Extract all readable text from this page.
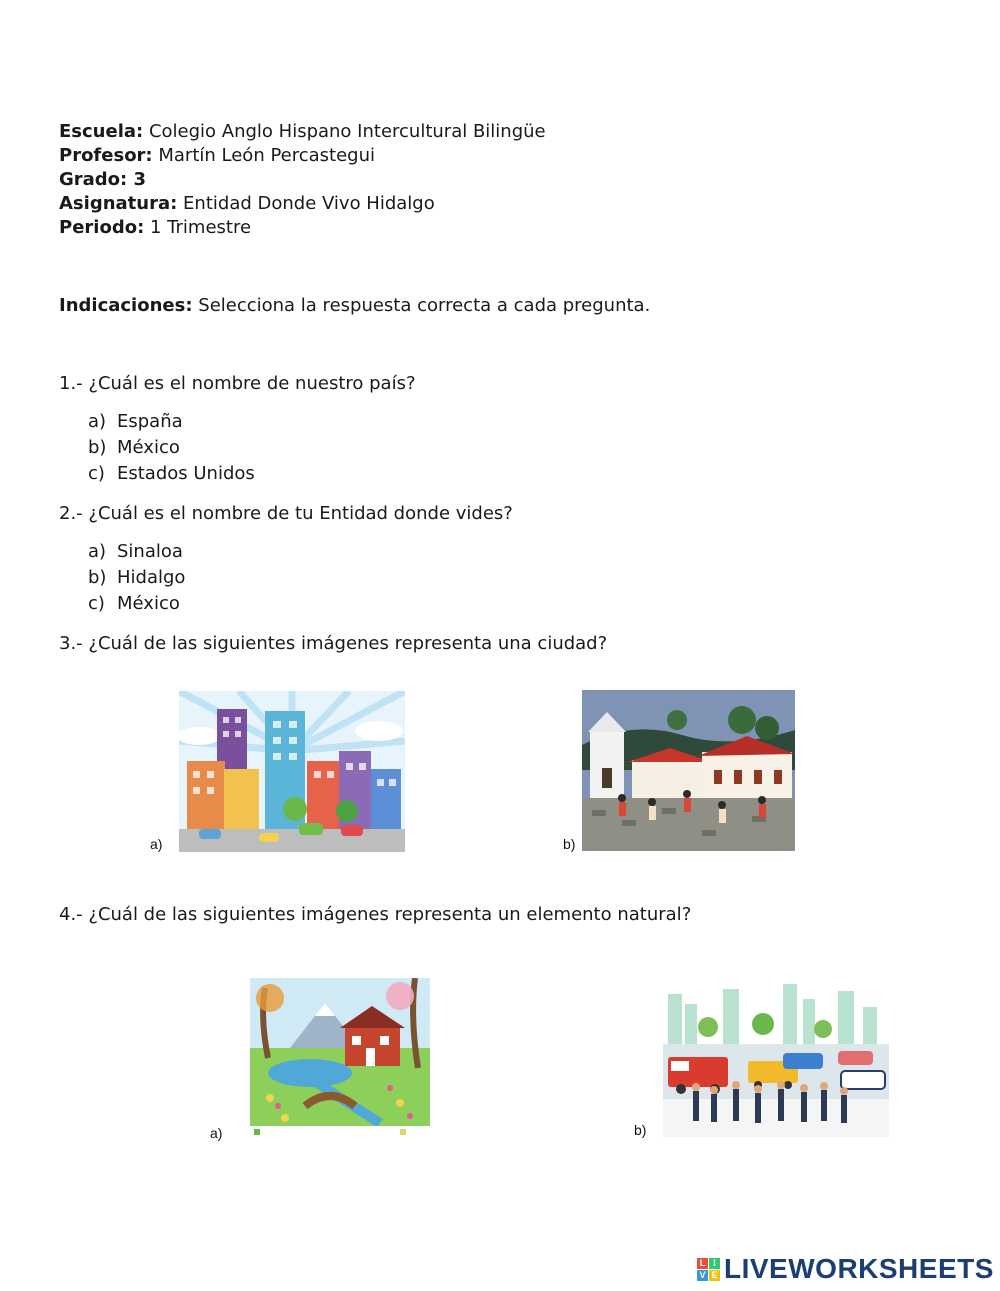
Escuela: Colegio Anglo Hispano Intercultural Bilingüe
Profesor: Martín León Percastegui
Grado: 3
Asignatura: Entidad Donde Vivo Hidalgo
Periodo: 1 Trimestre
Indicaciones: Selecciona la respuesta correcta a cada pregunta.
1.- ¿Cuál es el nombre de nuestro país?
a) España
b) México
c) Estados Unidos
2.- ¿Cuál es el nombre de tu Entidad donde vides?
a) Sinaloa
b) Hidalgo
c) México
3.- ¿Cuál de las siguientes imágenes representa una ciudad?
a)	b)
4.- ¿Cuál de las siguientes imágenes representa un elemento natural?
a)	b)
L I
V E LIVEWORKSHEETS
